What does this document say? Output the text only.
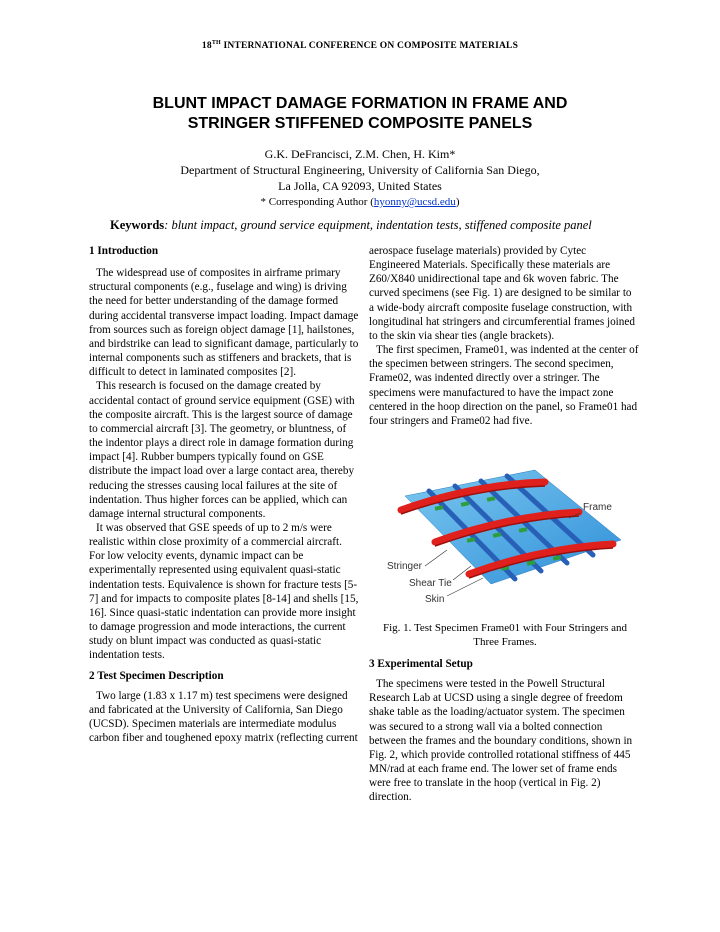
18TH INTERNATIONAL CONFERENCE ON COMPOSITE MATERIALS
BLUNT IMPACT DAMAGE FORMATION IN FRAME AND
STRINGER STIFFENED COMPOSITE PANELS
G.K. DeFrancisci, Z.M. Chen, H. Kim*
Department of Structural Engineering, University of California San Diego,
La Jolla, CA 92093, United States
* Corresponding Author (hyonny@ucsd.edu)
Keywords: blunt impact, ground service equipment, indentation tests, stiffened composite panel
1 Introduction

The widespread use of composites in airframe primary structural components (e.g., fuselage and wing) is driving the need for better understanding of the damage formed during accidental transverse impact loading. Impact damage from sources such as foreign object damage [1], hailstones, and birdstrike can lead to significant damage, particularly to internal components such as stiffeners and brackets, that is difficult to detect in laminated composites [2].

This research is focused on the damage created by accidental contact of ground service equipment (GSE) with the composite aircraft. This is the largest source of damage to commercial aircraft [3]. The geometry, or bluntness, of the indentor plays a direct role in damage formation during impact [4]. Rubber bumpers typically found on GSE distribute the impact load over a large contact area, thereby reducing the stresses causing local failures at the site of indentation. Thus higher forces can be applied, which can damage internal structural components.

It was observed that GSE speeds of up to 2 m/s were realistic within close proximity of a commercial aircraft. For low velocity events, dynamic impact can be experimentally represented using equivalent quasi-static indentation tests. Equivalence is shown for fracture tests [5-7] and for impacts to composite plates [8-14] and shells [15, 16]. Since quasi-static indentation can provide more insight to damage progression and mode interactions, the current study on blunt impact was conducted as quasi-static indentation tests.

2 Test Specimen Description

Two large (1.83 x 1.17 m) test specimens were designed and fabricated at the University of California, San Diego (UCSD). Specimen materials are intermediate modulus carbon fiber and toughened epoxy matrix (reflecting current

aerospace fuselage materials) provided by Cytec Engineered Materials. Specifically these materials are Z60/X840 unidirectional tape and 6k woven fabric. The curved specimens (see Fig. 1) are designed to be similar to a wide-body aircraft composite fuselage construction, with longitudinal hat stringers and circumferential frames joined to the skin via shear ties (angle brackets).

The first specimen, Frame01, was indented at the center of the specimen between stringers. The second specimen, Frame02, was indented directly over a stringer. The specimens were manufactured to have the impact zone centered in the hoop direction on the panel, so Frame01 had four stringers and Frame02 had five.

Frame
Stringer
Shear Tie
Skin
Fig. 1. Test Specimen Frame01 with Four Stringers and Three Frames.
3 Experimental Setup

The specimens were tested in the Powell Structural Research Lab at UCSD using a single degree of freedom shake table as the loading/actuator system. The specimen was secured to a strong wall via a bolted connection between the frames and the boundary conditions, shown in Fig. 2, which provide controlled rotational stiffness of 445 MN/rad at each frame end. The lower set of frame ends were free to translate in the hoop (vertical in Fig. 2) direction.
